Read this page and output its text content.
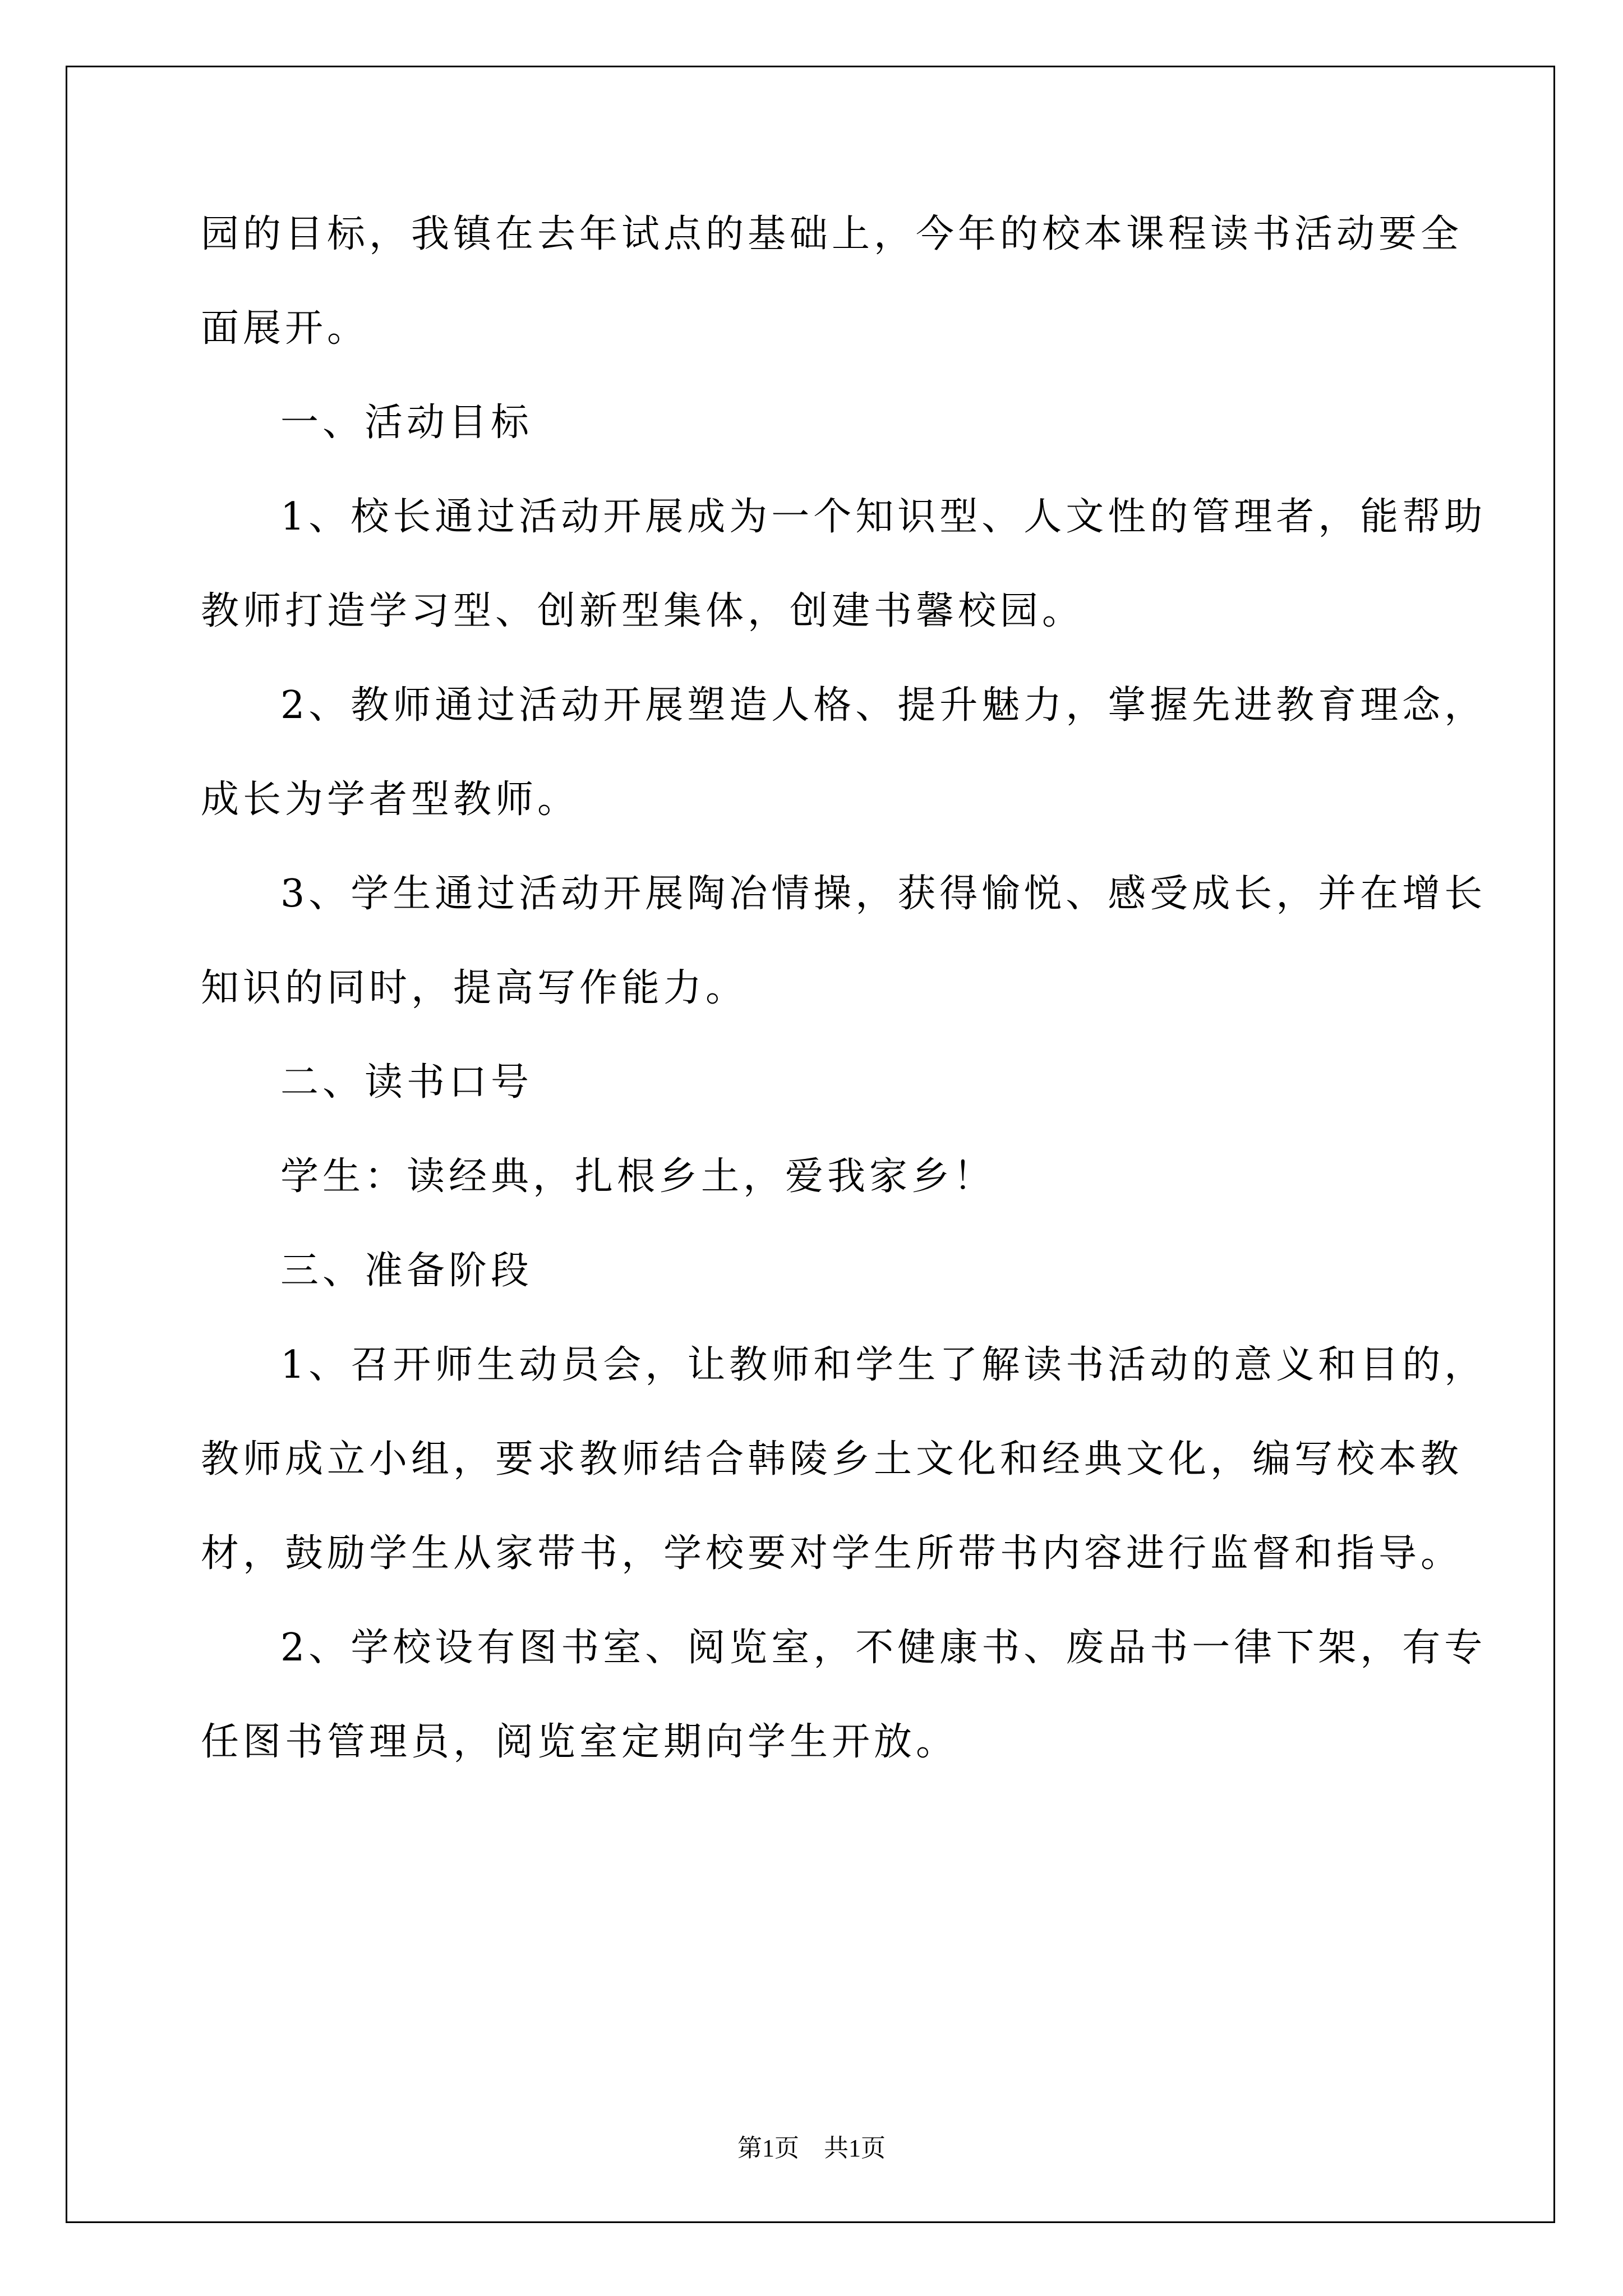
园的目标，我镇在去年试点的基础上，今年的校本课程读书活动要全
面展开。
一、活动目标
1、校长通过活动开展成为一个知识型、人文性的管理者，能帮助
教师打造学习型、创新型集体，创建书馨校园。
2、教师通过活动开展塑造人格、提升魅力，掌握先进教育理念，
成长为学者型教师。
3、学生通过活动开展陶冶情操，获得愉悦、感受成长，并在增长
知识的同时，提高写作能力。
二、读书口号
学生：读经典，扎根乡土，爱我家乡！
三、准备阶段
1、召开师生动员会，让教师和学生了解读书活动的意义和目的，
教师成立小组，要求教师结合韩陵乡土文化和经典文化，编写校本教
材，鼓励学生从家带书，学校要对学生所带书内容进行监督和指导。
2、学校设有图书室、阅览室，不健康书、废品书一律下架，有专
任图书管理员，阅览室定期向学生开放。
第1页　共1页
